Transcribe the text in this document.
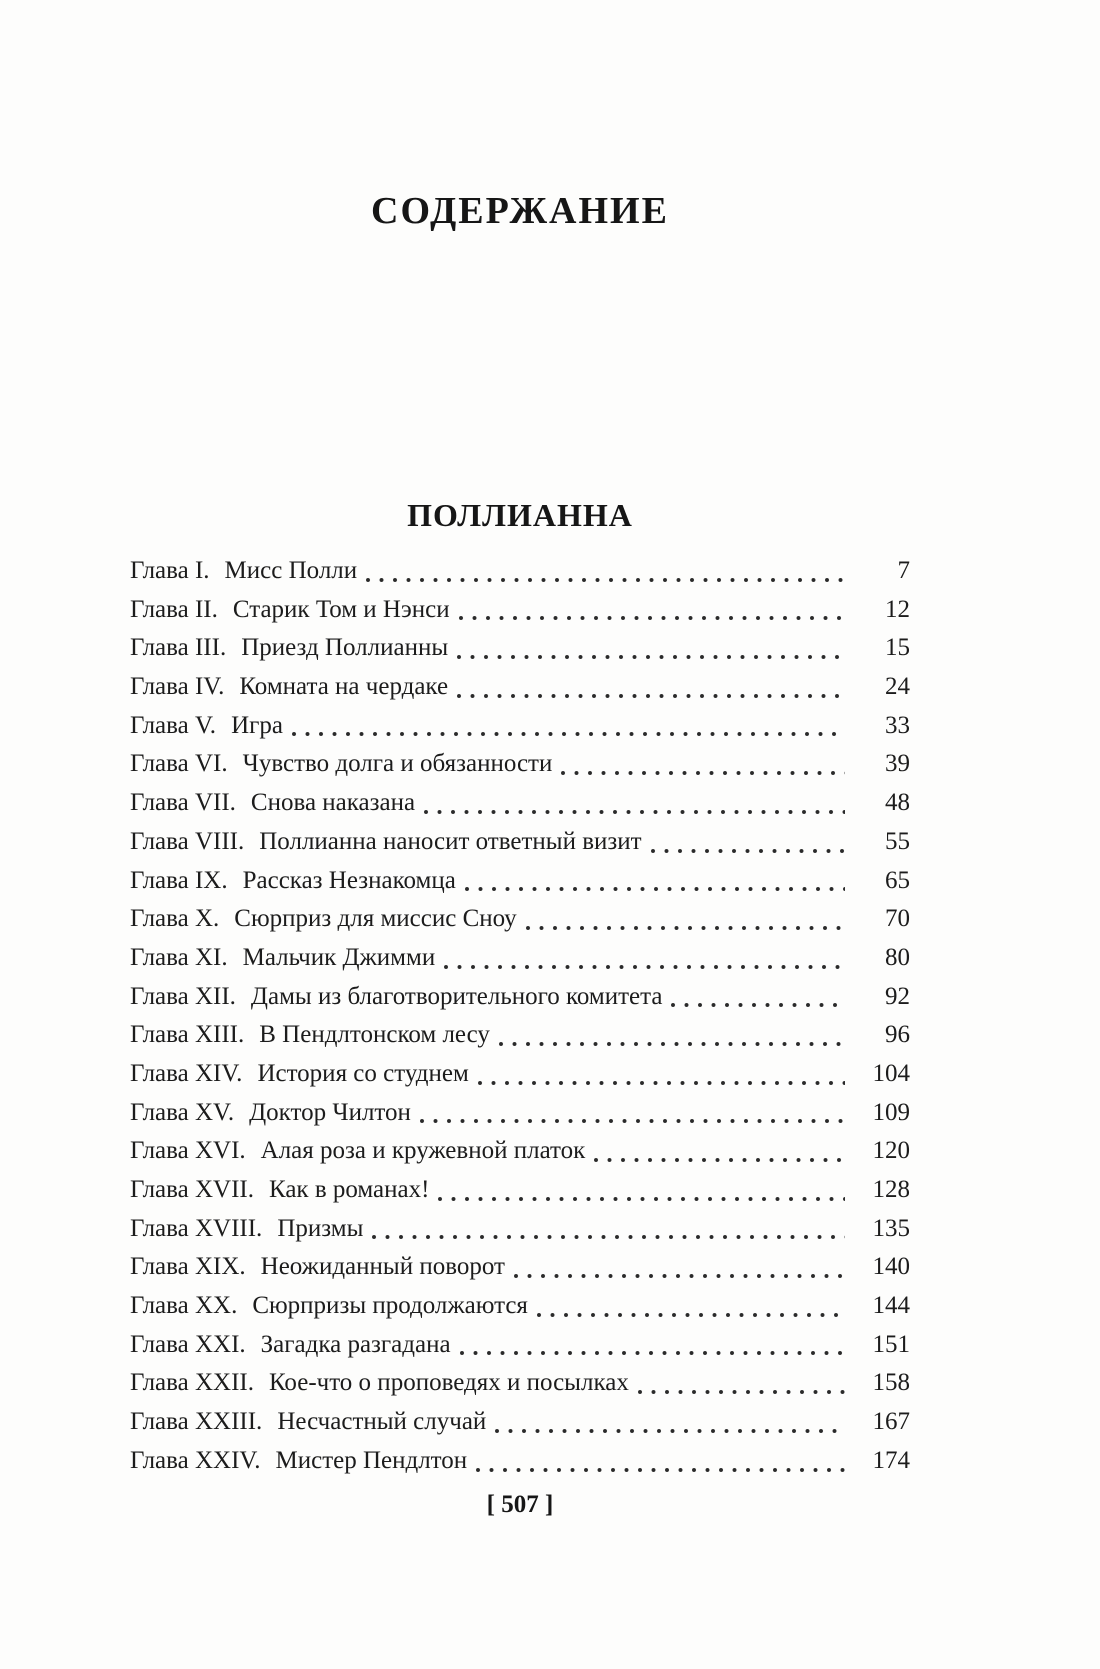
СОДЕРЖАНИЕ
ПОЛЛИАННА
Глава I. Мисс Полли	7
Глава II. Старик Том и Нэнси	12
Глава III. Приезд Поллианны	15
Глава IV. Комната на чердаке	24
Глава V. Игра	33
Глава VI. Чувство долга и обязанности	39
Глава VII. Снова наказана	48
Глава VIII. Поллианна наносит ответный визит	55
Глава IX. Рассказ Незнакомца	65
Глава X. Сюрприз для миссис Сноу	70
Глава XI. Мальчик Джимми	80
Глава XII. Дамы из благотворительного комитета	92
Глава XIII. В Пендлтонском лесу	96
Глава XIV. История со студнем	104
Глава XV. Доктор Чилтон	109
Глава XVI. Алая роза и кружевной платок	120
Глава XVII. Как в романах!	128
Глава XVIII. Призмы	135
Глава XIX. Неожиданный поворот	140
Глава XX. Сюрпризы продолжаются	144
Глава XXI. Загадка разгадана	151
Глава XXII. Кое-что о проповедях и посылках	158
Глава XXIII. Несчастный случай	167
Глава XXIV. Мистер Пендлтон	174
[ 507 ]
